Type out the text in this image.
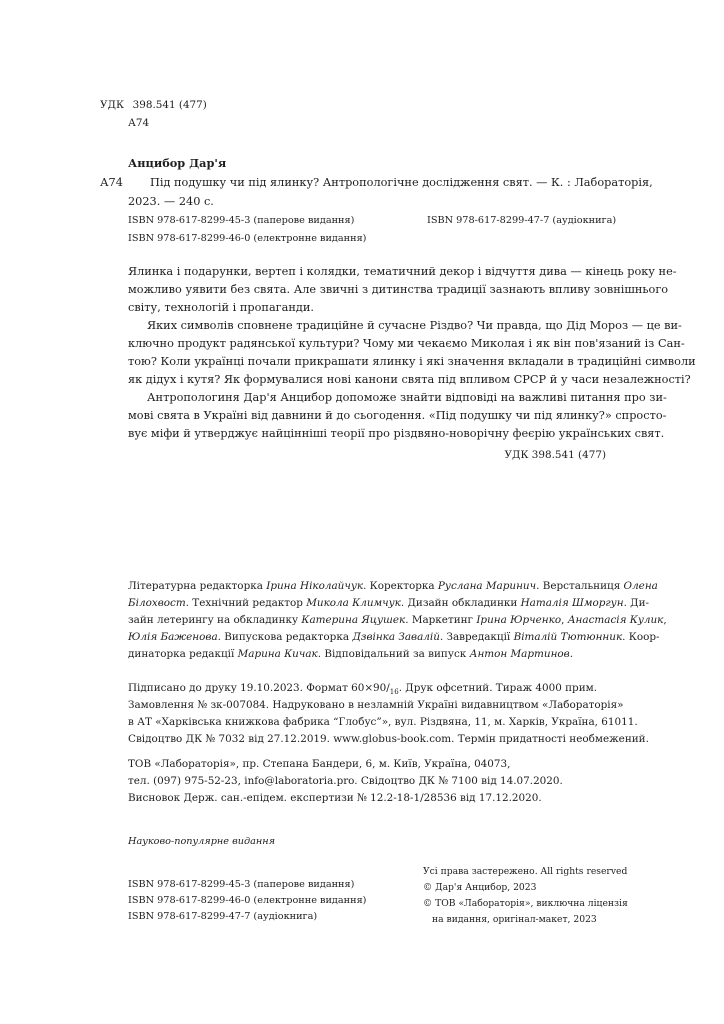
УДК 398.541 (477)
А74
Анцибор Дар'я
А74 Під подушку чи під ялинку? Антропологічне дослідження свят. — К. : Лабораторія,
2023. — 240 с.
ISBN 978-617-8299-45-3 (паперове видання)	ISBN 978-617-8299-47-7 (аудіокнига)
ISBN 978-617-8299-46-0 (електронне видання)
Ялинка і подарунки, вертеп і колядки, тематичний декор і відчуття дива — кінець року не-
можливо уявити без свята. Але звичні з дитинства традиції зазнають впливу зовнішнього
світу, технологій і пропаганди.
Яких символів сповнене традиційне й сучасне Різдво? Чи правда, що Дід Мороз — це ви-
ключно продукт радянської культури? Чому ми чекаємо Миколая і як він пов'язаний із Сан-
тою? Коли українці почали прикрашати ялинку і які значення вкладали в традиційні символи
як дідух і кутя? Як формувалися нові канони свята під впливом СРСР й у часи незалежності?
Антропологиня Дар'я Анцибор допоможе знайти відповіді на важливі питання про зи-
мові свята в Україні від давнини й до сьогодення. «Під подушку чи під ялинку?» спросто-
вує міфи й утверджує найцінніші теорії про різдвяно-новорічну феєрію українських свят.
УДК 398.541 (477)
Літературна редакторка Ірина Ніколайчук. Коректорка Руслана Маринич. Верстальниця Олена
Білохвост. Технічний редактор Микола Климчук. Дизайн обкладинки Наталія Шморгун. Ди-
зайн летерингу на обкладинку Катерина Яцушек. Маркетинг Ірина Юрченко, Анастасія Кулик,
Юлія Баженова. Випускова редакторка Дзвінка Завалій. Завредакції Віталій Тютюнник. Коор-
динаторка редакції Марина Кичак. Відповідальний за випуск Антон Мартинов.
Підписано до друку 19.10.2023. Формат $60\times 90/_{16}$. Друк офсетний. Тираж 4000 прим.
Замовлення № зк-007084. Надруковано в незламній Україні видавництвом «Лабораторія»
в АТ «Харківська книжкова фабрика “Глобус”», вул. Різдвяна, 11, м. Харків, Україна, 61011.
Свідоцтво ДК № 7032 від 27.12.2019. www.globus-book.com. Термін придатності необмежений.
ТОВ «Лабораторія», пр. Степана Бандери, 6, м. Київ, Україна, 04073,
тел. (097) 975-52-23, info@laboratoria.pro. Свідоцтво ДК № 7100 від 14.07.2020.
Висновок Держ. сан.-епідем. експертизи № 12.2-18-1/28536 від 17.12.2020.
Науково-популярне видання
ISBN 978-617-8299-45-3 (паперове видання)
ISBN 978-617-8299-46-0 (електронне видання)
ISBN 978-617-8299-47-7 (аудіокнига)
Усі права застережено. All rights reserved
© Дар'я Анцибор, 2023
© ТОВ «Лабораторія», виключна ліцензія
на видання, оригінал-макет, 2023
